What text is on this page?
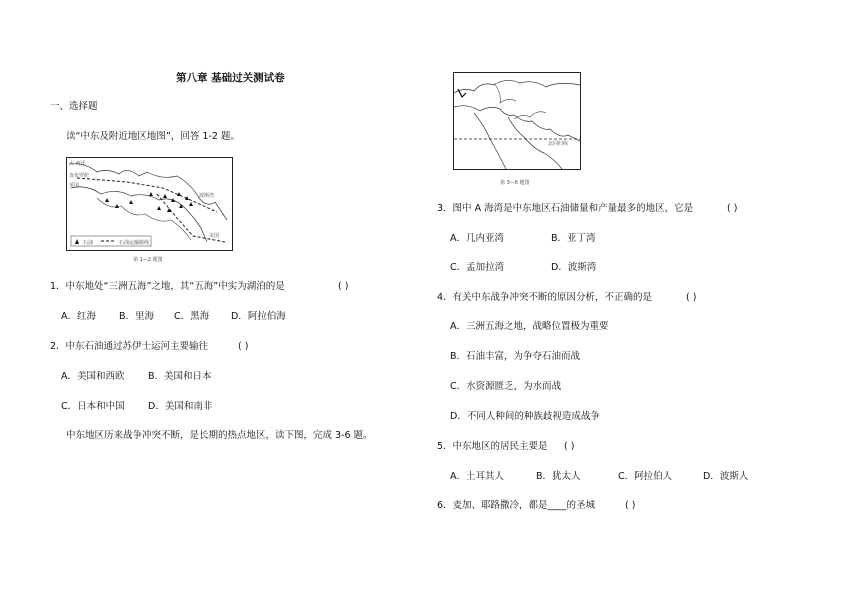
第八章 基础过关测试卷
一、选择题
读“中东及附近地区地图”，回答 1-2 题。
大 西洋
直布罗陀
英国
波斯湾
石油	石油运输路线
美国
第 1—2 题图
1．中东地处“三洲五海”之地，其“五海”中实为湖泊的是	( )
A．红海 B．里海 C．黑海 D．阿拉伯海
2．中东石油通过苏伊士运河主要输往	( )
A．美国和西欧 B．美国和日本
C．日本和中国 D．美国和南非
中东地区历来战争冲突不断，是长期的热点地区，读下图，完成 3-6 题。
北回归线
第 3—6 题图
3．图中 A 海湾是中东地区石油储量和产量最多的地区，它是	( )
A．几内亚湾	B．亚丁湾
C．孟加拉湾	D．波斯湾
4．有关中东战争冲突不断的原因分析，不正确的是	( )
A．三洲五海之地，战略位置极为重要
B．石油丰富，为争夺石油而战
C．水资源匮乏，为水而战
D．不同人种间的种族歧视造成战争
5．中东地区的居民主要是 ( )
A．土耳其人	B．犹太人	C．阿拉伯人	D．波斯人
6．麦加、耶路撒冷，都是____的圣城	( )
